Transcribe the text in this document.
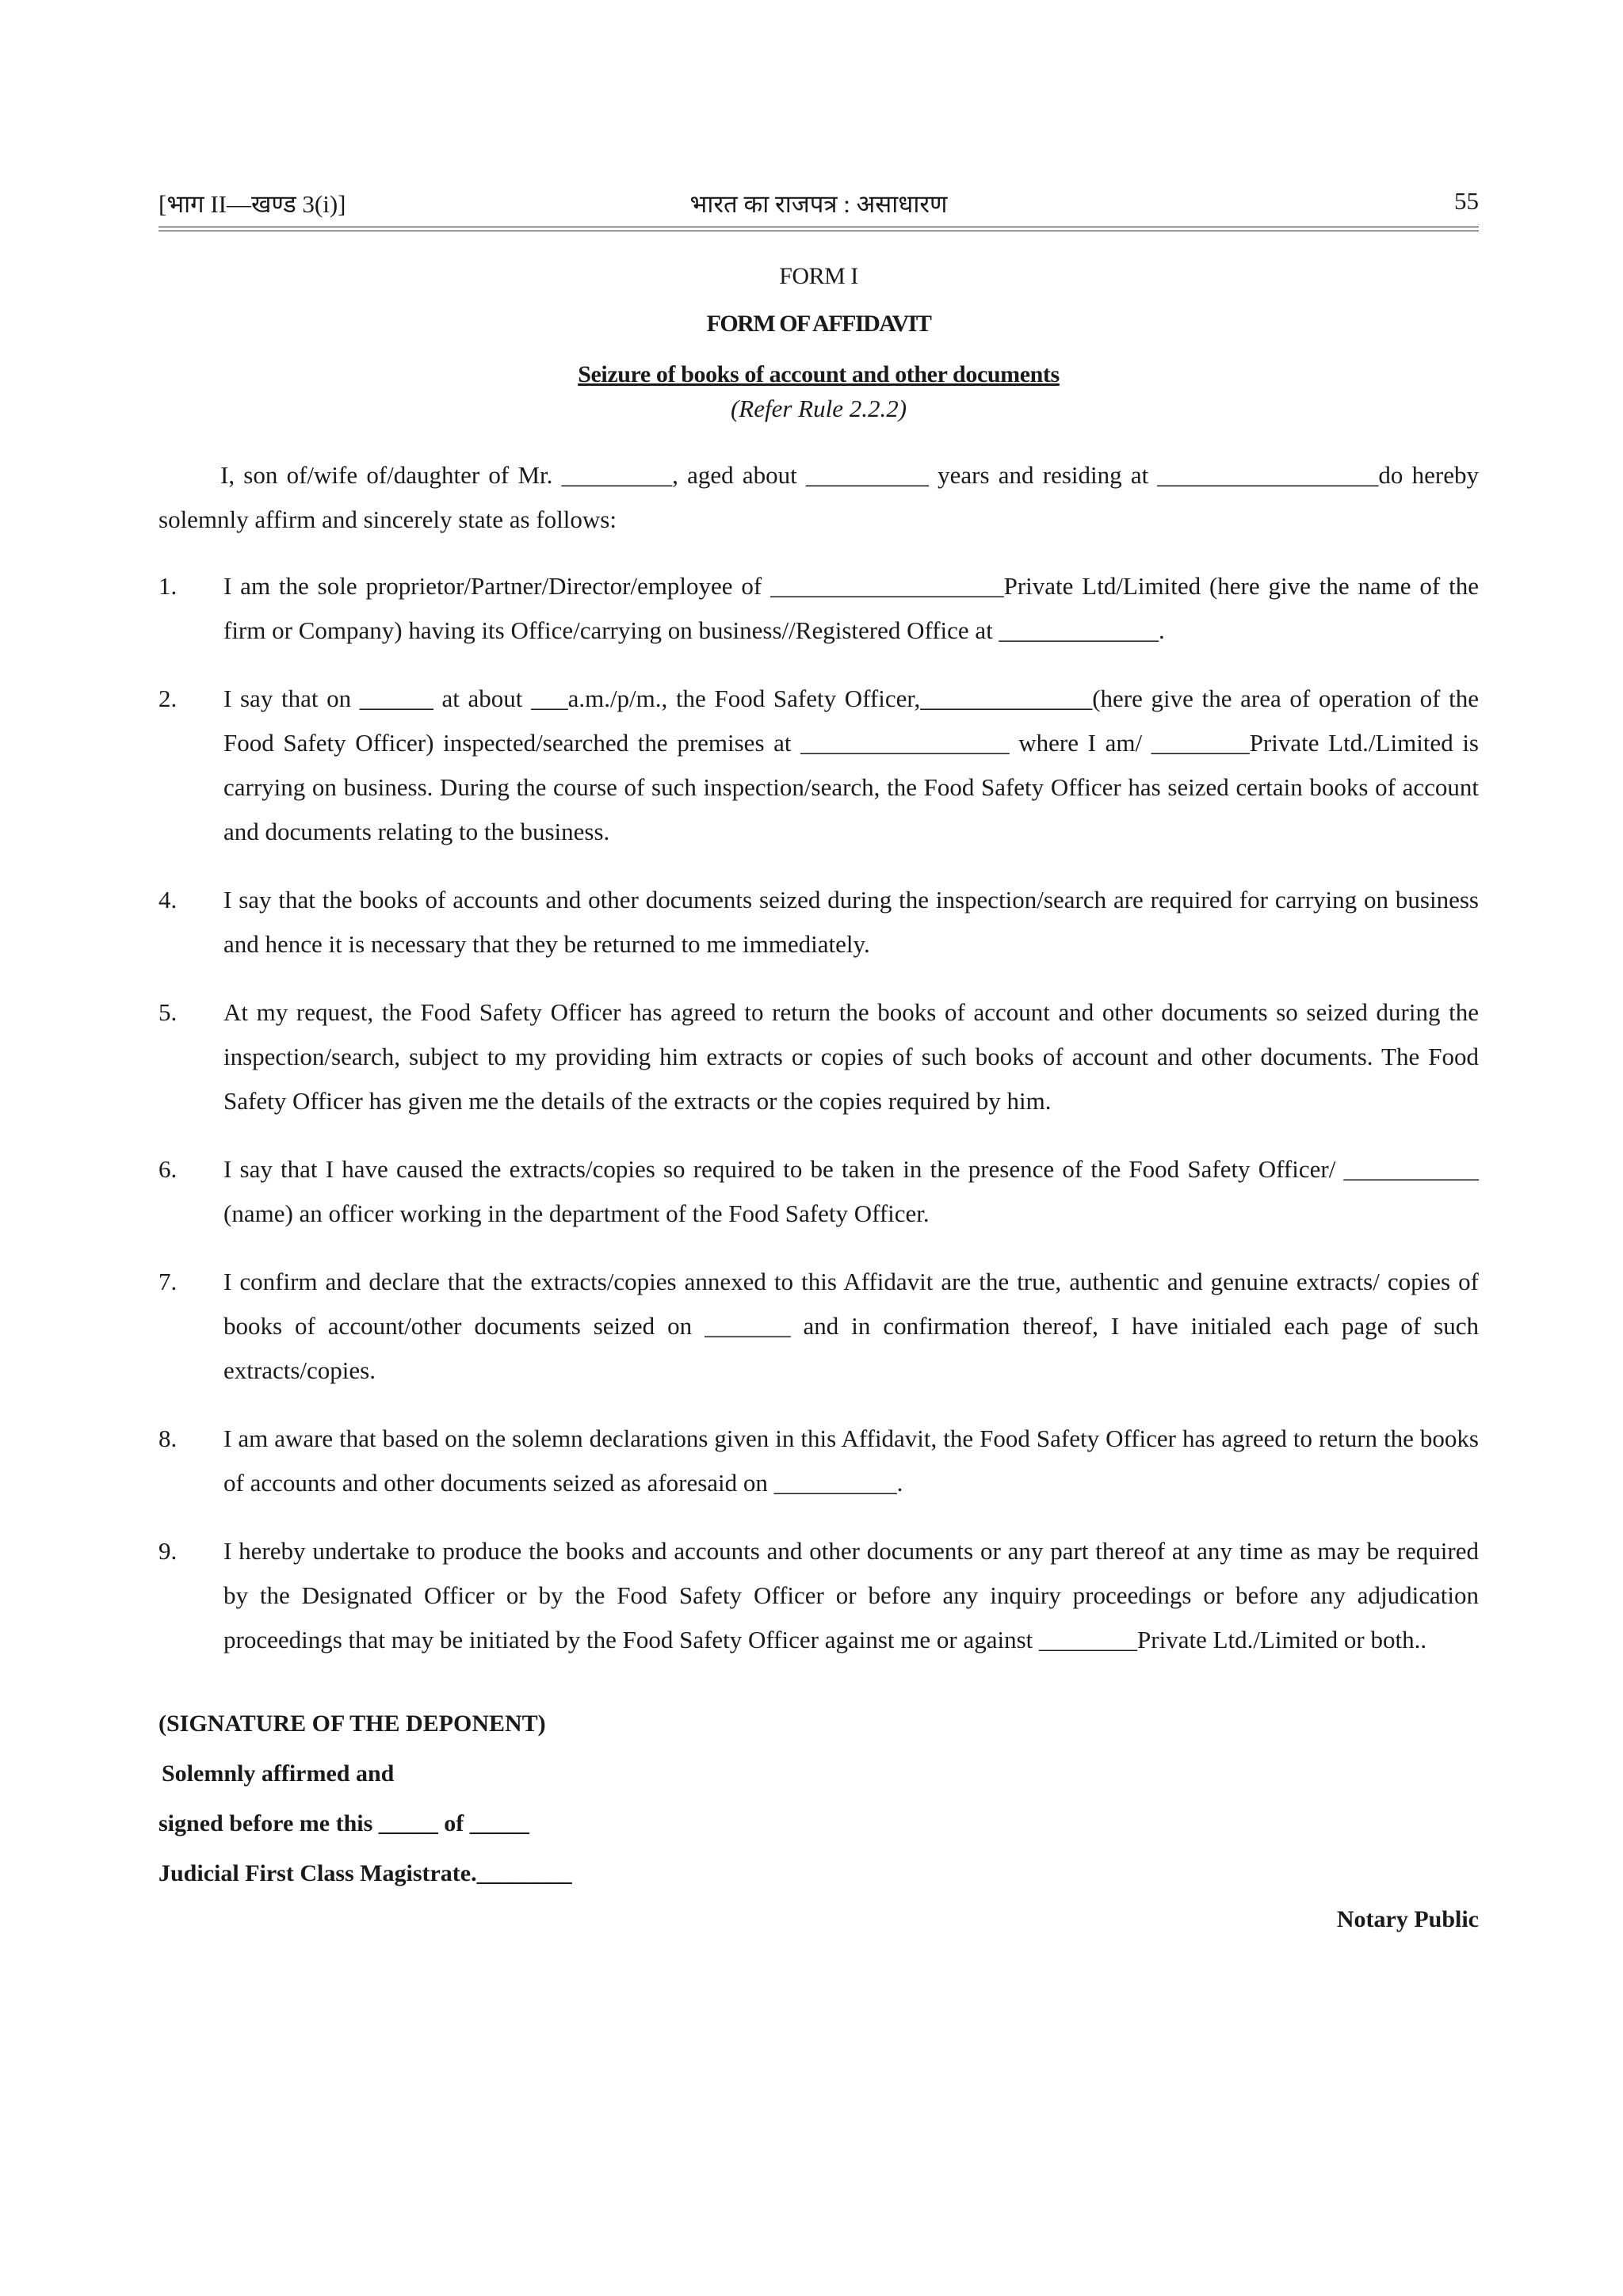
[भाग II—खण्ड 3(i)]	भारत का राजपत्र : असाधारण	55
FORM I
FORM OF AFFIDAVIT
Seizure of books of account and other documents
(Refer Rule 2.2.2)
I, son of/wife of/daughter of Mr. _________, aged about __________ years and residing at __________________do hereby solemnly affirm and sincerely state as follows:
1. I am the sole proprietor/Partner/Director/employee of ___________________Private Ltd/Limited (here give the name of the firm or Company) having its Office/carrying on business//Registered Office at _____________.
2. I say that on ______ at about ___a.m./p/m., the Food Safety Officer,______________(here give the area of operation of the Food Safety Officer) inspected/searched the premises at _________________ where I am/ ________Private Ltd./Limited is carrying on business. During the course of such inspection/search, the Food Safety Officer has seized certain books of account and documents relating to the business.
4. I say that the books of accounts and other documents seized during the inspection/search are required for carrying on business and hence it is necessary that they be returned to me immediately.
5. At my request, the Food Safety Officer has agreed to return the books of account and other documents so seized during the inspection/search, subject to my providing him extracts or copies of such books of account and other documents. The Food Safety Officer has given me the details of the extracts or the copies required by him.
6. I say that I have caused the extracts/copies so required to be taken in the presence of the Food Safety Officer/ ___________ (name) an officer working in the department of the Food Safety Officer.
7. I confirm and declare that the extracts/copies annexed to this Affidavit are the true, authentic and genuine extracts/ copies of books of account/other documents seized on _______ and in confirmation thereof, I have initialed each page of such extracts/copies.
8. I am aware that based on the solemn declarations given in this Affidavit, the Food Safety Officer has agreed to return the books of accounts and other documents seized as aforesaid on __________.
9. I hereby undertake to produce the books and accounts and other documents or any part thereof at any time as may be required by the Designated Officer or by the Food Safety Officer or before any inquiry proceedings or before any adjudication proceedings that may be initiated by the Food Safety Officer against me or against ________Private Ltd./Limited or both..
(SIGNATURE OF THE DEPONENT)
Solemnly affirmed and
signed before me this _____ of _____
Judicial First Class Magistrate.________
Notary Public
